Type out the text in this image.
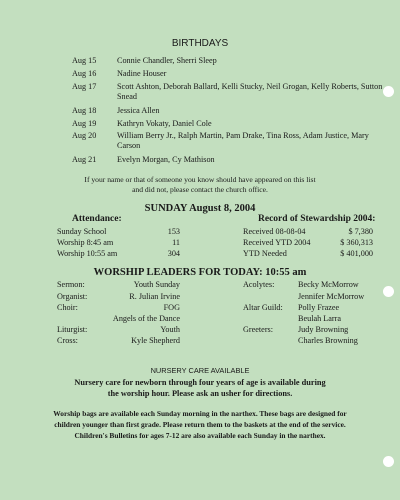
BIRTHDAYS
Aug 15	Connie Chandler, Sherri Sleep
Aug 16	Nadine Houser
Aug 17	Scott Ashton, Deborah Ballard, Kelli Stucky, Neil Grogan, Kelly Roberts, Sutton Snead
Aug 18	Jessica Allen
Aug 19	Kathryn Vokaty, Daniel Cole
Aug 20	William Berry Jr., Ralph Martin, Pam Drake, Tina Ross, Adam Justice, Mary Carson
Aug 21	Evelyn Morgan, Cy Mathison
If your name or that of someone you know should have appeared on this list
and did not, please contact the church office.
SUNDAY August 8, 2004
Attendance:	Record of Stewardship 2004:
Sunday School	153
Worship 8:45 am	11
Worship 10:55 am	304
Received 08-08-04	$ 7,380
Received YTD 2004	$ 360,313
YTD Needed	$ 401,000
WORSHIP LEADERS FOR TODAY: 10:55 am
Sermon:	Youth Sunday
Organist:	R. Julian Irvine
Choir:	FOG
Angels of the Dance
Liturgist:	Youth
Cross:	Kyle Shepherd
Acolytes:	Becky McMorrow
Jennifer McMorrow
Altar Guild: Polly Frazee
Beulah Larra
Greeters:	Judy Browning
Charles Browning
NURSERY CARE AVAILABLE
Nursery care for newborn through four years of age is available during
the worship hour. Please ask an usher for directions.
Worship bags are available each Sunday morning in the narthex. These bags are designed for
children younger than first grade. Please return them to the baskets at the end of the service.
Children's Bulletins for ages 7-12 are also available each Sunday in the narthex.
